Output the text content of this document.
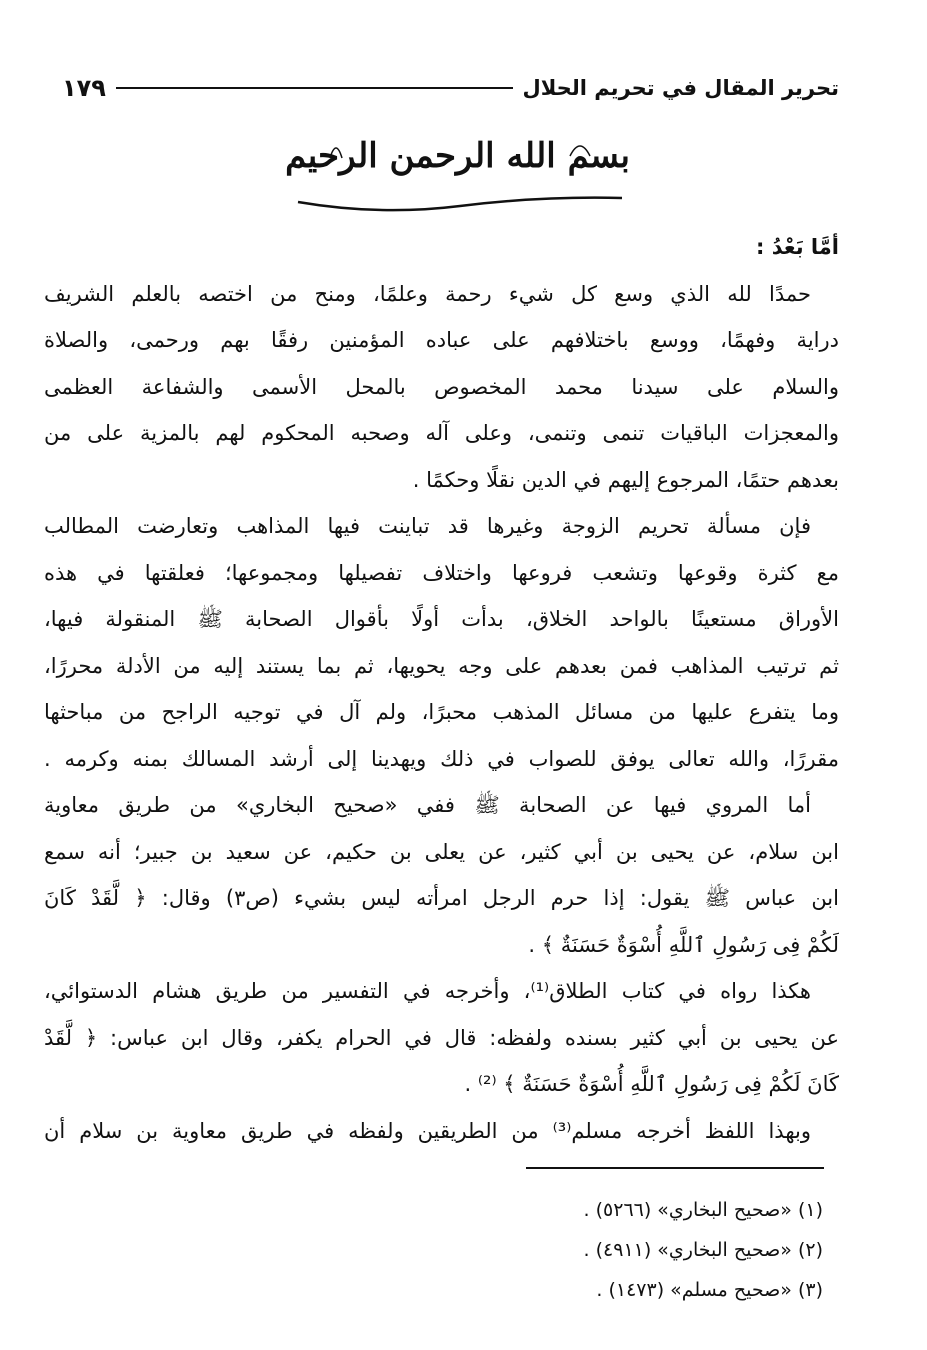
تحرير المقال في تحريم الحلال
١٧٩
بسم الله الرحمن الرحيم
أمَّا بَعْدُ :
حمدًا لله الذي وسع كل شيء رحمة وعلمًا، ومنح من اختصه بالعلم الشريف
دراية وفهمًا، ووسع باختلافهم على عباده المؤمنين رفقًا بهم ورحمى، والصلاة
والسلام على سيدنا محمد المخصوص بالمحل الأسمى والشفاعة العظمى
والمعجزات الباقيات تنمى وتنمى، وعلى آله وصحبه المحكوم لهم بالمزية على من
بعدهم حتمًا، المرجوع إليهم في الدين نقلًا وحكمًا .
فإن مسألة تحريم الزوجة وغيرها قد تباينت فيها المذاهب وتعارضت المطالب
مع كثرة وقوعها وتشعب فروعها واختلاف تفصيلها ومجموعها؛ فعلقتها في هذه
الأوراق مستعينًا بالواحد الخلاق، بدأت أولًا بأقوال الصحابة ﷺ المنقولة فيها،
ثم ترتيب المذاهب فمن بعدهم على وجه يحويها، ثم بما يستند إليه من الأدلة محررًا،
وما يتفرع عليها من مسائل المذهب محبرًا، ولم آل في توجيه الراجح من مباحثها
مقررًا، والله تعالى يوفق للصواب في ذلك ويهدينا إلى أرشد المسالك بمنه وكرمه .
أما المروي فيها عن الصحابة ﷺ ففي «صحيح البخاري» من طريق معاوية
ابن سلام، عن يحيى بن أبي كثير، عن يعلى بن حكيم، عن سعيد بن جبير؛ أنه سمع
ابن عباس ﷺ يقول: إذا حرم الرجل امرأته ليس بشيء (ص٣) وقال: ﴿ لَّقَدْ كَانَ
لَكُمْ فِى رَسُولِ ٱللَّهِ أُسْوَةٌ حَسَنَةٌ ﴾ .
هكذا رواه في كتاب الطلاق⁽¹⁾، وأخرجه في التفسير من طريق هشام الدستوائي،
عن يحيى بن أبي كثير بسنده ولفظه: قال في الحرام يكفر، وقال ابن عباس: ﴿ لَّقَدْ
كَانَ لَكُمْ فِى رَسُولِ ٱللَّهِ أُسْوَةٌ حَسَنَةٌ ﴾ ⁽²⁾ .
وبهذا اللفظ أخرجه مسلم⁽³⁾ من الطريقين ولفظه في طريق معاوية بن سلام أن
(١) «صحيح البخاري» (٥٢٦٦) .
(٢) «صحيح البخاري» (٤٩١١) .
(٣) «صحيح مسلم» (١٤٧٣) .
